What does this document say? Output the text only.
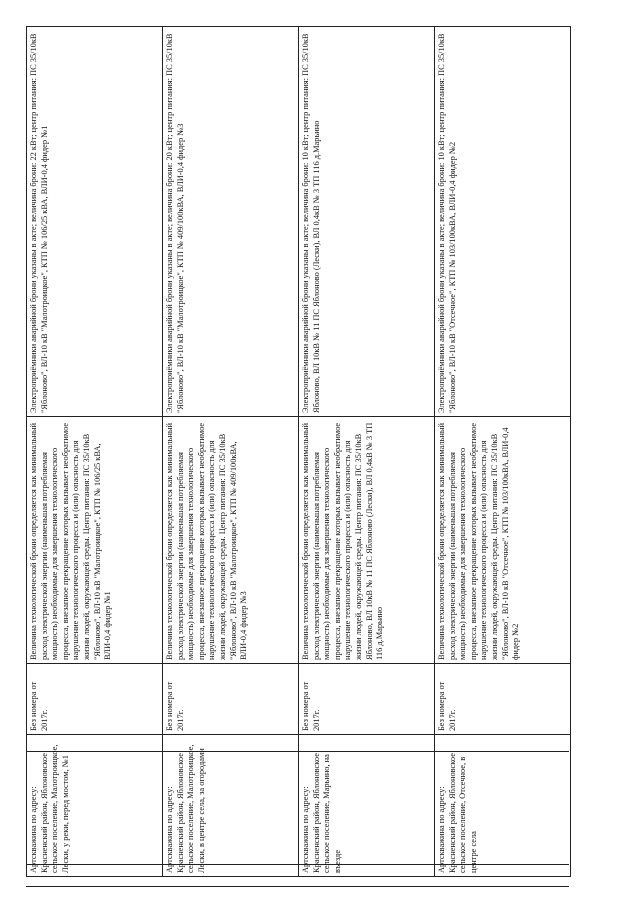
Артскважина по адресу: Красненский район, Яблоновское сельское поселение, Малотроицкое, Лески, у реки, перед мостом, №1	Без номера от 2017г.	Величина технологической брони определяется как минимальный расход электрической энергии (наименьшая потребляемая мощность) необходимые для завершения технологического процесса, внезапное прекращение которых вызывает необратимое нарушение технологического процесса и (или) опасность для жизни людей, окружающей среды. Центр питания: ПС 35/10кВ "Яблоново", ВЛ-10 кВ "Малотроицкое", КТП № 106/25 кВА, ВЛИ-0,4 фидер №1	Электроприёмники аварийной брони указаны в акте; величина брони: 22 кВт; центр питания: ПС 35/10кВ "Яблоново", ВЛ-10 кВ "Малотроицкое", КТП № 106/25 кВА, ВЛИ-0,4 фидер №1
Артскважина по адресу: Красненский район, Яблоновское сельское поселение, Малотроицкое, Лески, в центре села, за огородами	Без номера от 2017г.	Величина технологической брони определяется как минимальный расход электрической энергии (наименьшая потребляемая мощность) необходимые для завершения технологического процесса, внезапное прекращение которых вызывает необратимое нарушение технологического процесса и (или) опасность для жизни людей, окружающей среды. Центр питания: ПС 35/10кВ "Яблоново", ВЛ-10 кВ "Малотроицкое", КТП № 409/100кВА, ВЛИ-0,4 фидер №3	Электроприёмники аварийной брони указаны в акте; величина брони: 20 кВт; центр питания: ПС 35/10кВ "Яблоново", ВЛ-10 кВ "Малотроицкое", КТП № 409/100кВА, ВЛИ-0,4 фидер №3
Артскважина по адресу: Красненский район, Яблоновское сельское поселение, Марьино, на въезде	Без номера от 2017г.	Величина технологической брони определяется как минимальный расход электрической энергии (наименьшая потребляемая мощность) необходимые для завершения технологического процесса, внезапное прекращение которых вызывает необратимое нарушение технологического процесса и (или) опасность для жизни людей, окружающей среды. Центр питания: ПС 35/10кВ Яблоново, ВЛ 10кВ № 11 ПС Яблоново (Лески), ВЛ 0,4кВ № 3 ТП 116 д.Марьино	Электроприёмники аварийной брони указаны в акте; величина брони: 10 кВт; центр питания: ПС 35/10кВ Яблоново, ВЛ 10кВ № 11 ПС Яблоново (Лески), ВЛ 0,4кВ № 3 ТП 116 д.Марьино
Артскважина по адресу: Красненский район, Яблоновское сельское поселение, Отсечное, в центре села	Без номера от 2017г.	Величина технологической брони определяется как минимальный расход электрической энергии (наименьшая потребляемая мощность) необходимые для завершения технологического процесса, внезапное прекращение которых вызывает необратимое нарушение технологического процесса и (или) опасность для жизни людей, окружающей среды. Центр питания: ПС 35/10кВ "Яблоново", ВЛ-10 кВ "Отсечное", КТП № 103/100кВА, ВЛИ-0,4 фидер №2	Электроприёмники аварийной брони указаны в акте; величина брони: 10 кВт; центр питания: ПС 35/10кВ "Яблоново", ВЛ-10 кВ "Отсечное", КТП № 103/100кВА, ВЛИ-0,4 фидер №2
